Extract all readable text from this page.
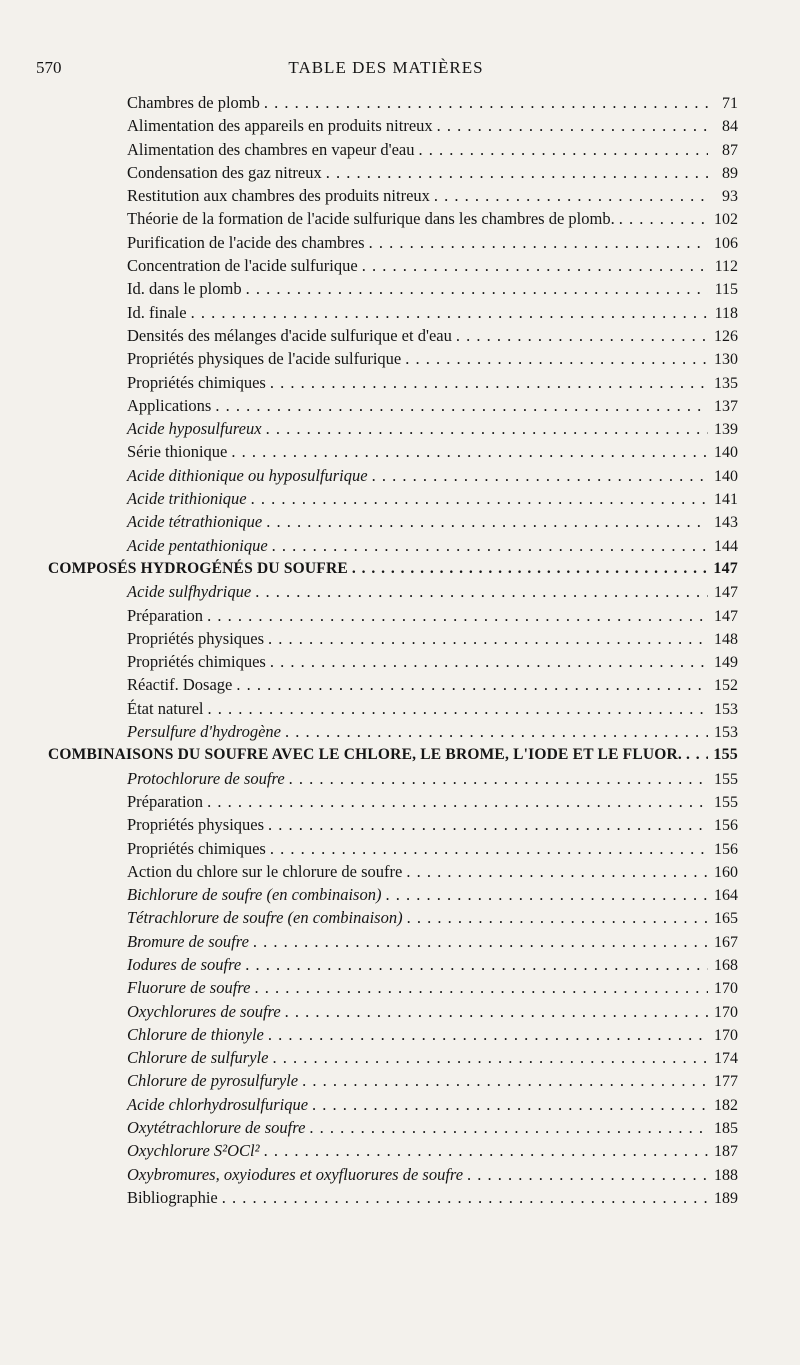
570	TABLE DES MATIÈRES
Chambres de plomb . . .	71
Alimentation des appareils en produits nitreux . . .	84
Alimentation des chambres en vapeur d'eau . . .	87
Condensation des gaz nitreux . . .	89
Restitution aux chambres des produits nitreux . . .	93
Théorie de la formation de l'acide sulfurique dans les chambres de plomb. . . .	102
Purification de l'acide des chambres . . .	106
Concentration de l'acide sulfurique . . .	112
Id. dans le plomb . . .	115
Id. finale . . .	118
Densités des mélanges d'acide sulfurique et d'eau . . .	126
Propriétés physiques de l'acide sulfurique . . .	130
Propriétés chimiques . . .	135
Applications . . .	137
Acide hyposulfureux . . .	139
Série thionique . . .	140
Acide dithionique ou hyposulfurique . . .	140
Acide trithionique . . .	141
Acide tétrathionique . . .	143
Acide pentathionique . . .	144
COMPOSÉS HYDROGÉNÉS DU SOUFRE . . .	147
Acide sulfhydrique . . .	147
Préparation . . .	147
Propriétés physiques . . .	148
Propriétés chimiques . . .	149
Réactif. Dosage . . .	152
État naturel . . .	153
Persulfure d'hydrogène . . .	153
COMBINAISONS DU SOUFRE AVEC LE CHLORE, LE BROME, L'IODE ET LE FLUOR. . . . 155
Protochlorure de soufre . . .	155
Préparation . . .	155
Propriétés physiques . . .	156
Propriétés chimiques . . .	156
Action du chlore sur le chlorure de soufre . . .	160
Bichlorure de soufre (en combinaison) . . .	164
Tétrachlorure de soufre (en combinaison) . . .	165
Bromure de soufre . . .	167
Iodures de soufre . . .	168
Fluorure de soufre . . .	170
Oxychlorures de soufre . . .	170
Chlorure de thionyle . . .	170
Chlorure de sulfuryle . . .	174
Chlorure de pyrosulfuryle . . .	177
Acide chlorhydrosulfurique . . .	182
Oxytétrachlorure de soufre . . .	185
Oxychlorure S²OCl² . . .	187
Oxybromures, oxyiodures et oxyfluorures de soufre . . .	188
Bibliographie . . .	189
